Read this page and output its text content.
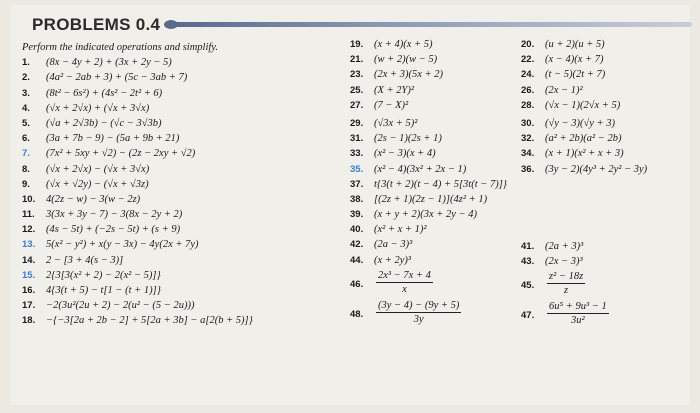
PROBLEMS 0.4
Perform the indicated operations and simplify.
1. (8x − 4y + 2) + (3x + 2y − 5)
2. (4a² − 2ab + 3) + (5c − 3ab + 7)
3. (8t² − 6s²) + (4s² − 2t² + 6)
4. (√x + 2√x) + (√x + 3√x)
5. (√a + 2√3b) − (√c − 3√3b)
6. (3a + 7b − 9) − (5a + 9b + 21)
7. (7x² + 5xy + √2) − (2z − 2xy + √2)
8. (√x + 2√x) − (√x + 3√x)
9. (√x + √2y) − (√x + √3z)
10. 4(2z − w) − 3(w − 2z)
11. 3(3x + 3y − 7) − 3(8x − 2y + 2)
12. (4s − 5t) + (−2s − 5t) + (s + 9)
13. 5(x² − y²) + x(y − 3x) − 4y(2x + 7y)
14. 2 − [3 + 4(s − 3)]
15. 2{3[3(x² + 2) − 2(x² − 5)]}
16. 4{3(t + 5) − t[1 − (t + 1)]}
17. −2(3u²(2u + 2) − 2(u² − (5 − 2u)))
18. −{−3[2a + 2b − 2] + 5[2a + 3b] − a[2(b + 5)]}
19. (x + 4)(x + 5)
21. (w + 2)(w − 5)
23. (2x + 3)(5x + 2)
25. (X + 2Y)²
27. (7 − X)²
29. (√3x + 5)²
31. (2s − 1)(2s + 1)
33. (x² − 3)(x + 4)
35. (x² − 4)(3x² + 2x − 1)
37. t{3(t + 2)(t − 4) + 5[3t(t − 7)]}
38. [(2z + 1)(2z − 1)](4z² + 1)
39. (x + y + 2)(3x + 2y − 4)
40. (x² + x + 1)²
42. (2a − 3)³
44. (x + 2y)³
46.	$\frac{\text{2x³ − 7x + 4}}{x}$
48.	$\frac{(3y - 4) - (9y + 5)}{3y}$
20. (u + 2)(u + 5)
22. (x − 4)(x + 7)
24. (t − 5)(2t + 7)
26. (2x − 1)²
28. (√x − 1)(2√x + 5)
30. (√y − 3)(√y + 3)
32. (a² + 2b)(a² − 2b)
34. (x + 1)(x² + x + 3)
36. (3y − 2)(4y³ + 2y² − 3y)
41. (2a + 3)³
43. (2x − 3)³
45.	$\frac{\text{z² − 18z}}{z}$
47.	$\frac{\text{6u⁵ + 9u³ − 1}}{\text{3u²}}$
